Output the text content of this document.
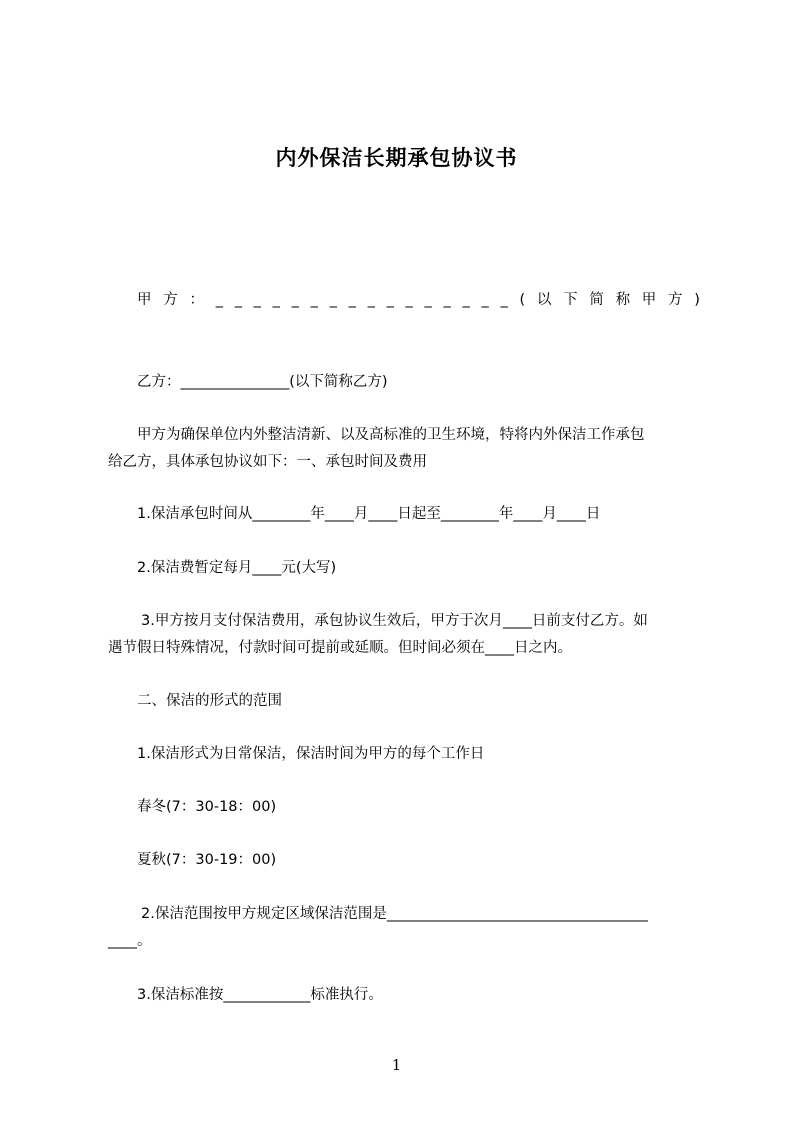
内外保洁长期承包协议书
甲 方 ： _ _ _ _ _ _ _ _ _ _ _ _ _ _ _ _ ( 以 下 简 称 甲 方 )
乙方：_______________(以下简称乙方)
甲方为确保单位内外整洁清新、以及高标准的卫生环境，特将内外保洁工作承包
给乙方，具体承包协议如下：一、承包时间及费用
1.保洁承包时间从________年____月____日起至________年____月____日
2.保洁费暂定每月____元(大写)
3.甲方按月支付保洁费用，承包协议生效后，甲方于次月____日前支付乙方。如
遇节假日特殊情况，付款时间可提前或延顺。但时间必须在____日之内。
二、保洁的形式的范围
1.保洁形式为日常保洁，保洁时间为甲方的每个工作日
春冬(7：30-18：00)
夏秋(7：30-19：00)
2.保洁范围按甲方规定区域保洁范围是____________________________________
____。
3.保洁标准按____________标准执行。
1
